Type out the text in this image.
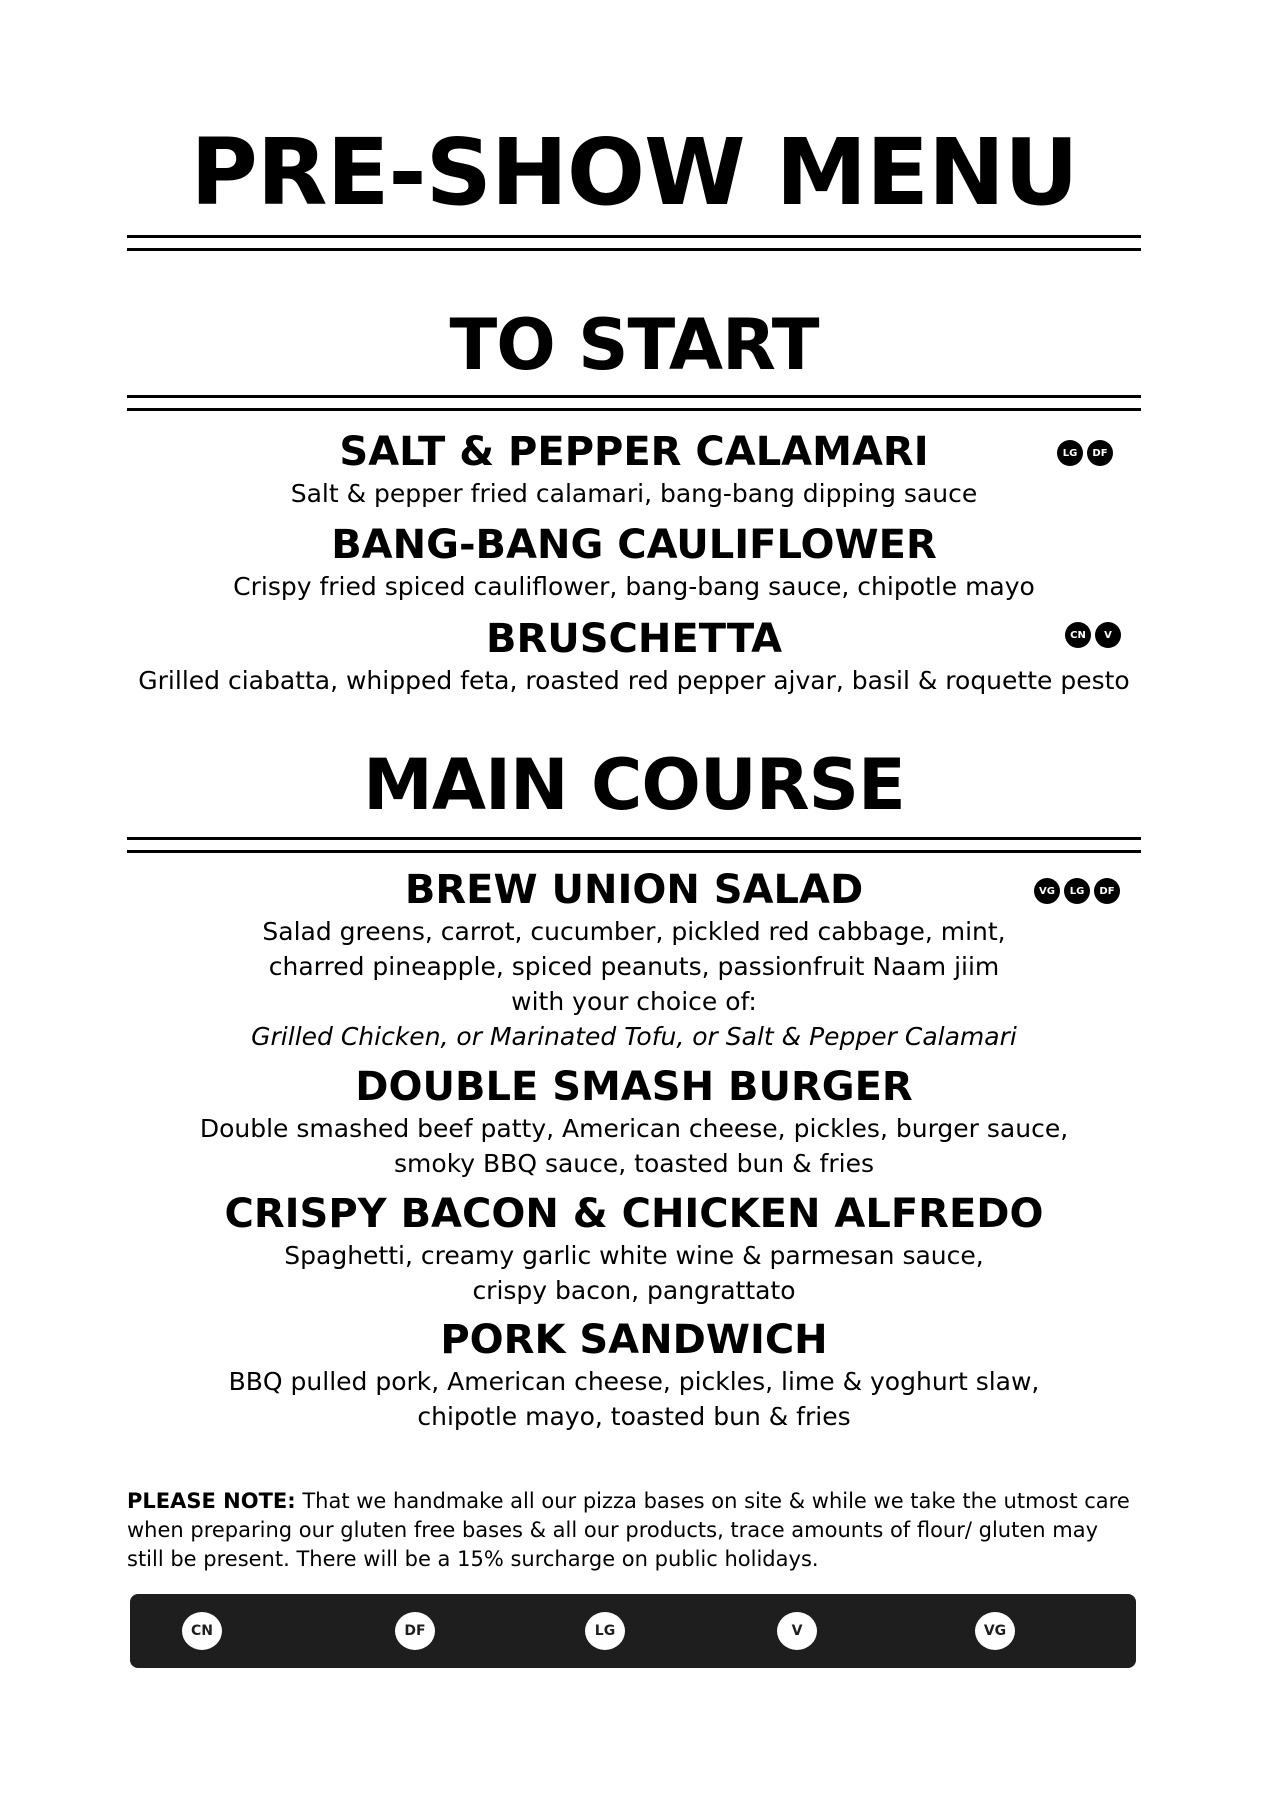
PRE-SHOW MENU
TO START
SALT & PEPPER CALAMARI
Salt & pepper fried calamari, bang-bang dipping sauce
LG	DF
BANG-BANG CAULIFLOWER
Crispy fried spiced cauliflower, bang-bang sauce, chipotle mayo
BRUSCHETTA
Grilled ciabatta, whipped feta, roasted red pepper ajvar, basil & roquette pesto
CN	V
MAIN COURSE
BREW UNION SALAD
Salad greens, carrot, cucumber, pickled red cabbage, mint,
charred pineapple, spiced peanuts, passionfruit Naam jiim
with your choice of:
Grilled Chicken, or Marinated Tofu, or Salt & Pepper Calamari
VG	LG	DF
DOUBLE SMASH BURGER
Double smashed beef patty, American cheese, pickles, burger sauce,
smoky BBQ sauce, toasted bun & fries
CRISPY BACON & CHICKEN ALFREDO
Spaghetti, creamy garlic white wine & parmesan sauce,
crispy bacon, pangrattato
PORK SANDWICH
BBQ pulled pork, American cheese, pickles, lime & yoghurt slaw,
chipotle mayo, toasted bun & fries
PLEASE NOTE: That we handmake all our pizza bases on site & while we take the utmost care when preparing our gluten free bases & all our products, trace amounts of flour/ gluten may still be present. There will be a 15% surcharge on public holidays.
CN	DF	LG	V	VG
